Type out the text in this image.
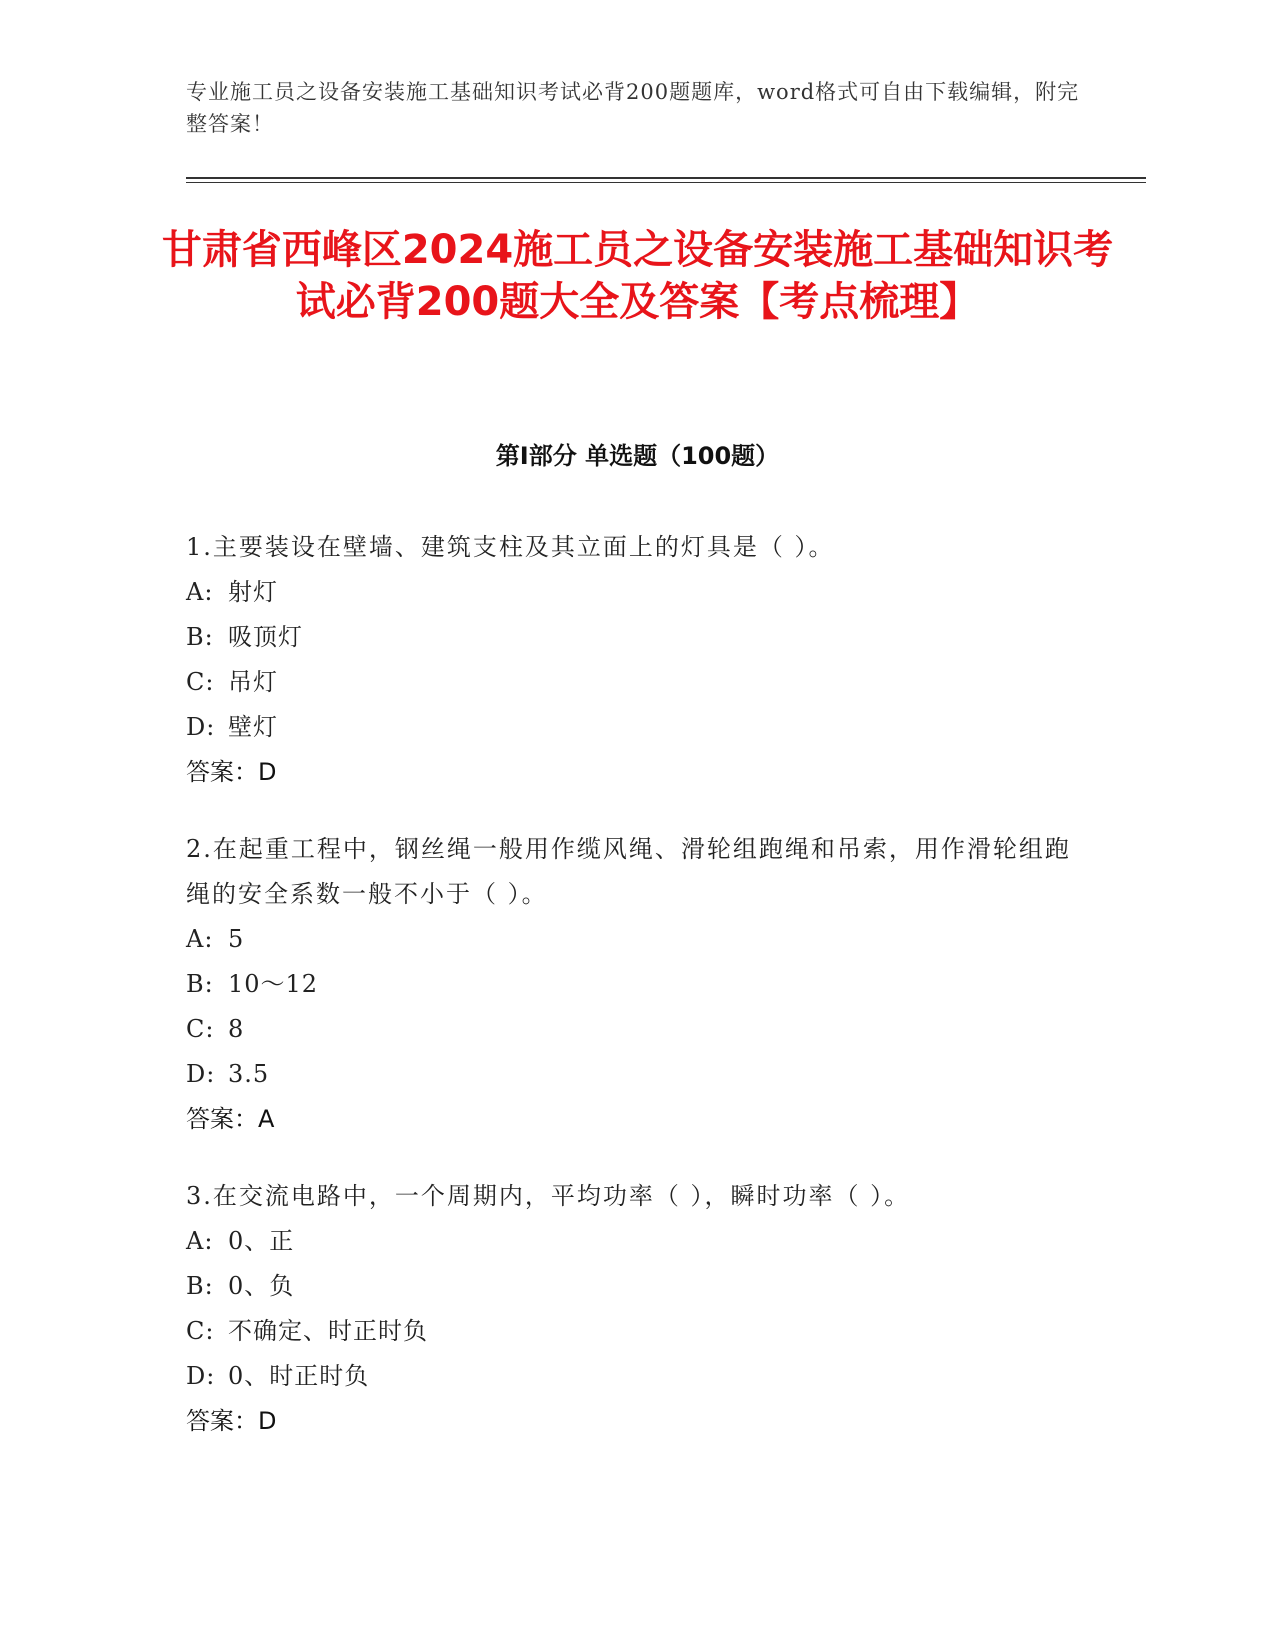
专业施工员之设备安装施工基础知识考试必背200题题库，word格式可自由下载编辑，附完整答案！
甘肃省西峰区2024施工员之设备安装施工基础知识考试必背200题大全及答案【考点梳理】
第I部分 单选题（100题）
1.主要装设在壁墙、建筑支柱及其立面上的灯具是（ ）。
A: 射灯
B: 吸顶灯
C: 吊灯
D: 壁灯
答案：D
2.在起重工程中，钢丝绳一般用作缆风绳、滑轮组跑绳和吊索，用作滑轮组跑绳的安全系数一般不小于（ ）。
A: 5
B: 10～12
C: 8
D: 3.5
答案：A
3.在交流电路中，一个周期内，平均功率（ ），瞬时功率（ ）。
A: 0、正
B: 0、负
C: 不确定、时正时负
D: 0、时正时负
答案：D
